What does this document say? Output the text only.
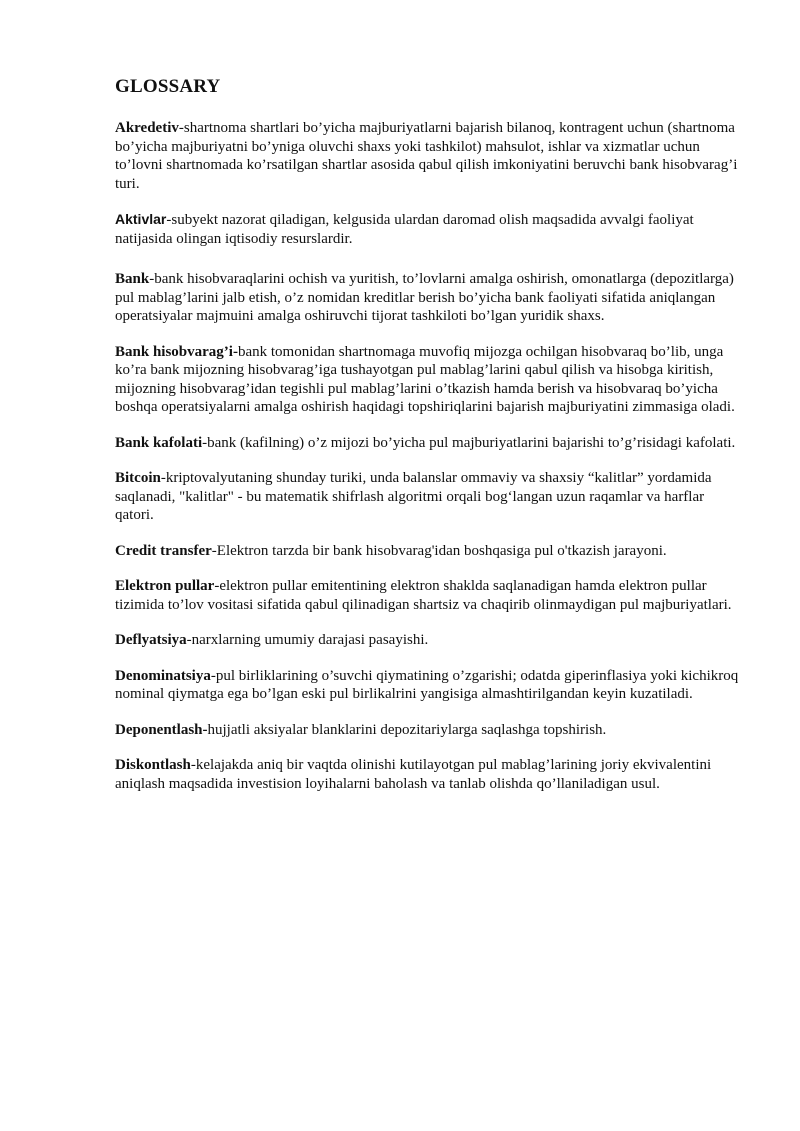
GLOSSARY

Akredetiv-shartnoma shartlari bo’yicha majburiyatlarni bajarish bilanoq, kontragent uchun (shartnoma bo’yicha majburiyatni bo’yniga oluvchi shaxs yoki tashkilot) mahsulot, ishlar va xizmatlar uchun to’lovni shartnomada ko’rsatilgan shartlar asosida qabul qilish imkoniyatini beruvchi bank hisobvarag’i turi.

Aktivlar-subyekt nazorat qiladigan, kelgusida ulardan daromad olish maqsadida avvalgi faoliyat natijasida olingan iqtisodiy resurslardir.

Bank-bank hisobvaraqlarini ochish va yuritish, to’lovlarni amalga oshirish, omonatlarga (depozitlarga) pul mablag’larini jalb etish, o’z nomidan kreditlar berish bo’yicha bank faoliyati sifatida aniqlangan operatsiyalar majmuini amalga oshiruvchi tijorat tashkiloti bo’lgan yuridik shaxs.

Bank hisobvarag’i-bank tomonidan shartnomaga muvofiq mijozga ochilgan hisobvaraq bo’lib, unga ko’ra bank mijozning hisobvarag’iga tushayotgan pul mablag’larini qabul qilish va hisobga kiritish, mijozning hisobvarag’idan tegishli pul mablag’larini o’tkazish hamda berish va hisobvaraq bo’yicha boshqa operatsiyalarni amalga oshirish haqidagi topshiriqlarini bajarish majburiyatini zimmasiga oladi.

Bank kafolati-bank (kafilning) o’z mijozi bo’yicha pul majburiyatlarini bajarishi to’g’risidagi kafolati.

Bitcoin-kriptovalyutaning shunday turiki, unda balanslar ommaviy va shaxsiy “kalitlar” yordamida saqlanadi, "kalitlar" - bu matematik shifrlash algoritmi orqali bog‘langan uzun raqamlar va harflar qatori.

Credit transfer-Elektron tarzda bir bank hisobvarag'idan boshqasiga pul o'tkazish jarayoni.

Elektron pullar-elektron pullar emitentining elektron shaklda saqlanadigan hamda elektron pullar tizimida to’lov vositasi sifatida qabul qilinadigan shartsiz va chaqirib olinmaydigan pul majburiyatlari.

Deflyatsiya-narxlarning umumiy darajasi pasayishi.

Denominatsiya-pul birliklarining o’suvchi qiymatining o’zgarishi; odatda giperinflasiya yoki kichikroq nominal qiymatga ega bo’lgan eski pul birlikalrini yangisiga almashtirilgandan keyin kuzatiladi.

Deponentlash-hujjatli aksiyalar blanklarini depozitariylarga saqlashga topshirish.

Diskontlash-kelajakda aniq bir vaqtda olinishi kutilayotgan pul mablag’larining joriy ekvivalentini aniqlash maqsadida investision loyihalarni baholash va tanlab olishda qo’llaniladigan usul.
